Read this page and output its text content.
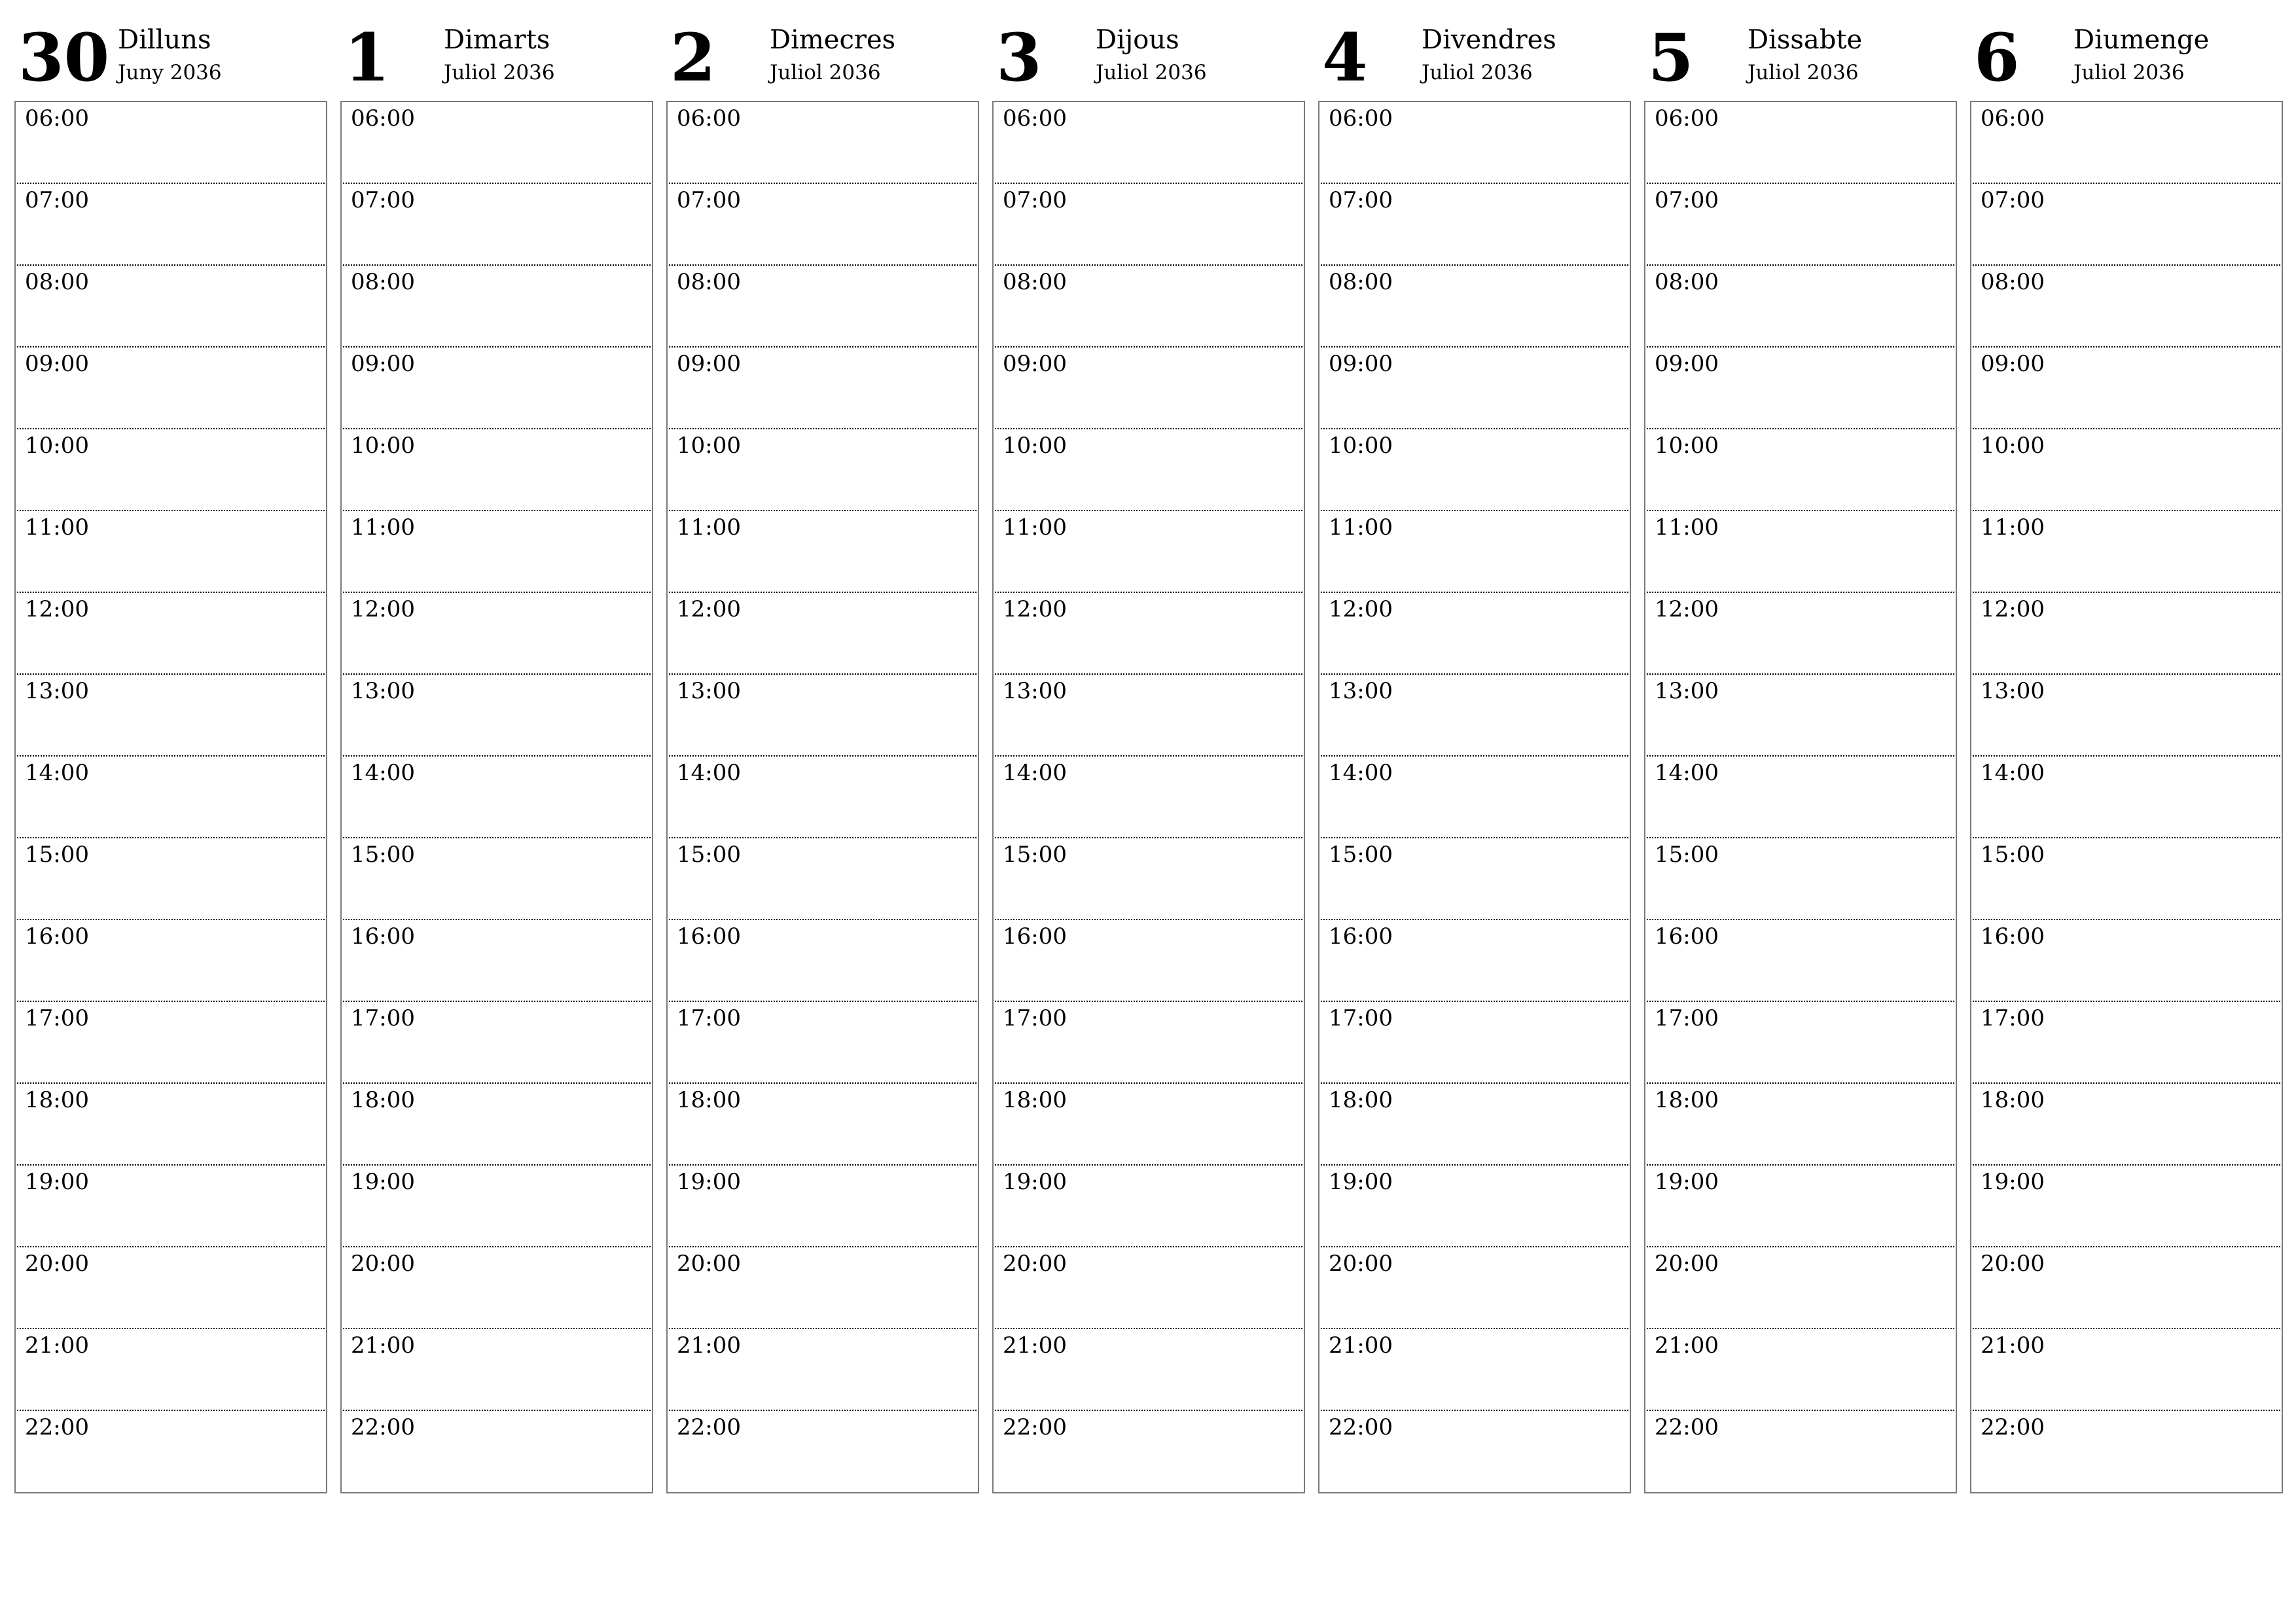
30 Dilluns
Juny 2036
06:00
07:00
08:00
09:00
10:00
11:00
12:00
13:00
14:00
15:00
16:00
17:00
18:00
19:00
20:00
21:00
22:00
1 Dimarts
Juliol 2036
06:00
07:00
08:00
09:00
10:00
11:00
12:00
13:00
14:00
15:00
16:00
17:00
18:00
19:00
20:00
21:00
22:00
2 Dimecres
Juliol 2036
06:00
07:00
08:00
09:00
10:00
11:00
12:00
13:00
14:00
15:00
16:00
17:00
18:00
19:00
20:00
21:00
22:00
3 Dijous
Juliol 2036
06:00
07:00
08:00
09:00
10:00
11:00
12:00
13:00
14:00
15:00
16:00
17:00
18:00
19:00
20:00
21:00
22:00
4 Divendres
Juliol 2036
06:00
07:00
08:00
09:00
10:00
11:00
12:00
13:00
14:00
15:00
16:00
17:00
18:00
19:00
20:00
21:00
22:00
5 Dissabte
Juliol 2036
06:00
07:00
08:00
09:00
10:00
11:00
12:00
13:00
14:00
15:00
16:00
17:00
18:00
19:00
20:00
21:00
22:00
6 Diumenge
Juliol 2036
06:00
07:00
08:00
09:00
10:00
11:00
12:00
13:00
14:00
15:00
16:00
17:00
18:00
19:00
20:00
21:00
22:00
